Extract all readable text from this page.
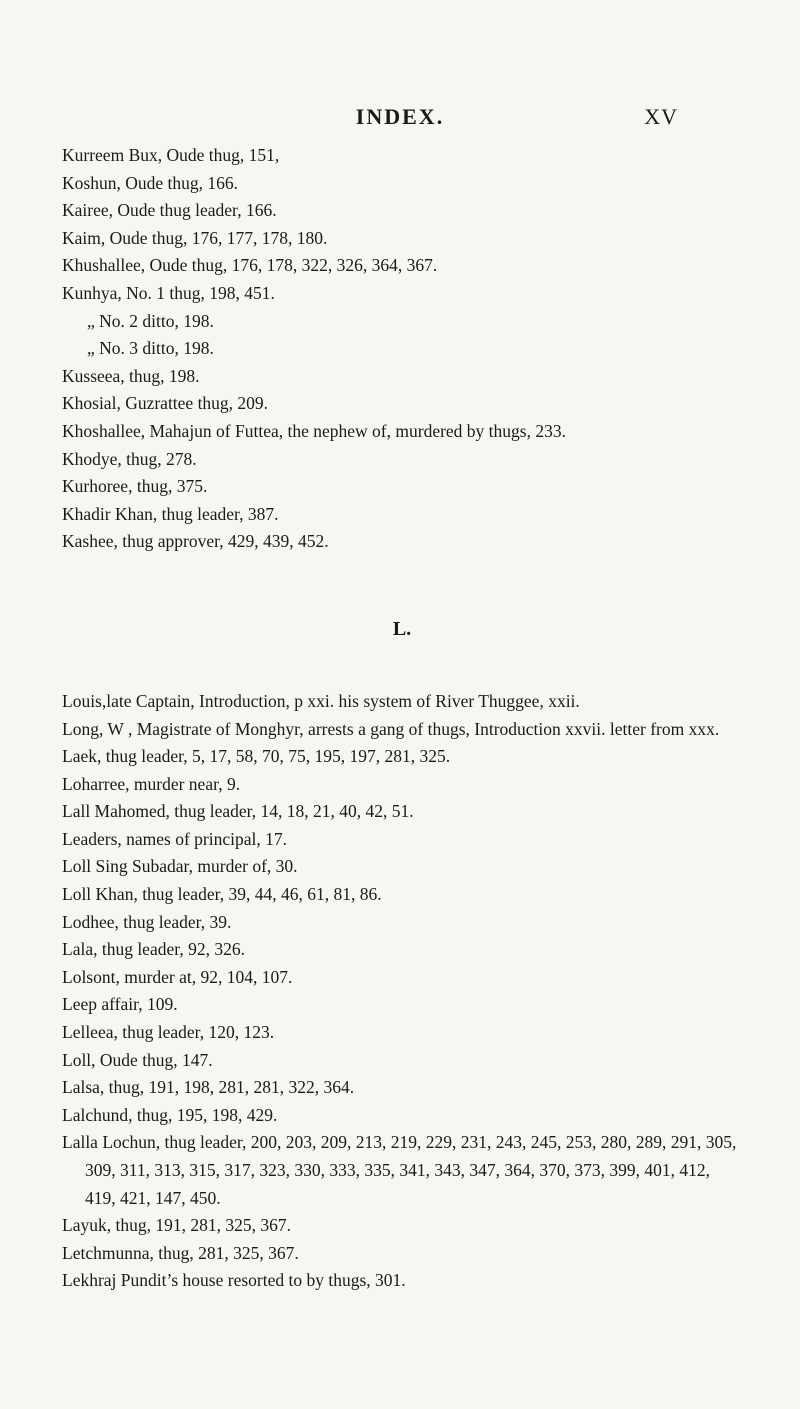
INDEX.	XV

Kurreem Bux, Oude thug, 151,

Koshun, Oude thug, 166.

Kairee, Oude thug leader, 166.

Kaim, Oude thug, 176, 177, 178, 180.

Khushallee, Oude thug, 176, 178, 322, 326, 364, 367.

Kunhya, No. 1 thug, 198, 451.

„ No. 2 ditto, 198.

„ No. 3 ditto, 198.

Kusseea, thug, 198.

Khosial, Guzrattee thug, 209.

Khoshallee, Mahajun of Futtea, the nephew of, murdered by thugs, 233.

Khodye, thug, 278.

Kurhoree, thug, 375.

Khadir Khan, thug leader, 387.

Kashee, thug approver, 429, 439, 452.

L.

Louis,late Captain, Introduction, p xxi. his system of River Thuggee, xxii.

Long, W , Magistrate of Monghyr, arrests a gang of thugs, Introduction xxvii. letter from xxx.

Laek, thug leader, 5, 17, 58, 70, 75, 195, 197, 281, 325.

Loharree, murder near, 9.

Lall Mahomed, thug leader, 14, 18, 21, 40, 42, 51.

Leaders, names of principal, 17.

Loll Sing Subadar, murder of, 30.

Loll Khan, thug leader, 39, 44, 46, 61, 81, 86.

Lodhee, thug leader, 39.

Lala, thug leader, 92, 326.

Lolsont, murder at, 92, 104, 107.

Leep affair, 109.

Lelleea, thug leader, 120, 123.

Loll, Oude thug, 147.

Lalsa, thug, 191, 198, 281, 281, 322, 364.

Lalchund, thug, 195, 198, 429.

Lalla Lochun, thug leader, 200, 203, 209, 213, 219, 229, 231, 243, 245, 253, 280, 289, 291, 305, 309, 311, 313, 315, 317, 323, 330, 333, 335, 341, 343, 347, 364, 370, 373, 399, 401, 412, 419, 421, 147, 450.

Layuk, thug, 191, 281, 325, 367.

Letchmunna, thug, 281, 325, 367.

Lekhraj Pundit’s house resorted to by thugs, 301.
